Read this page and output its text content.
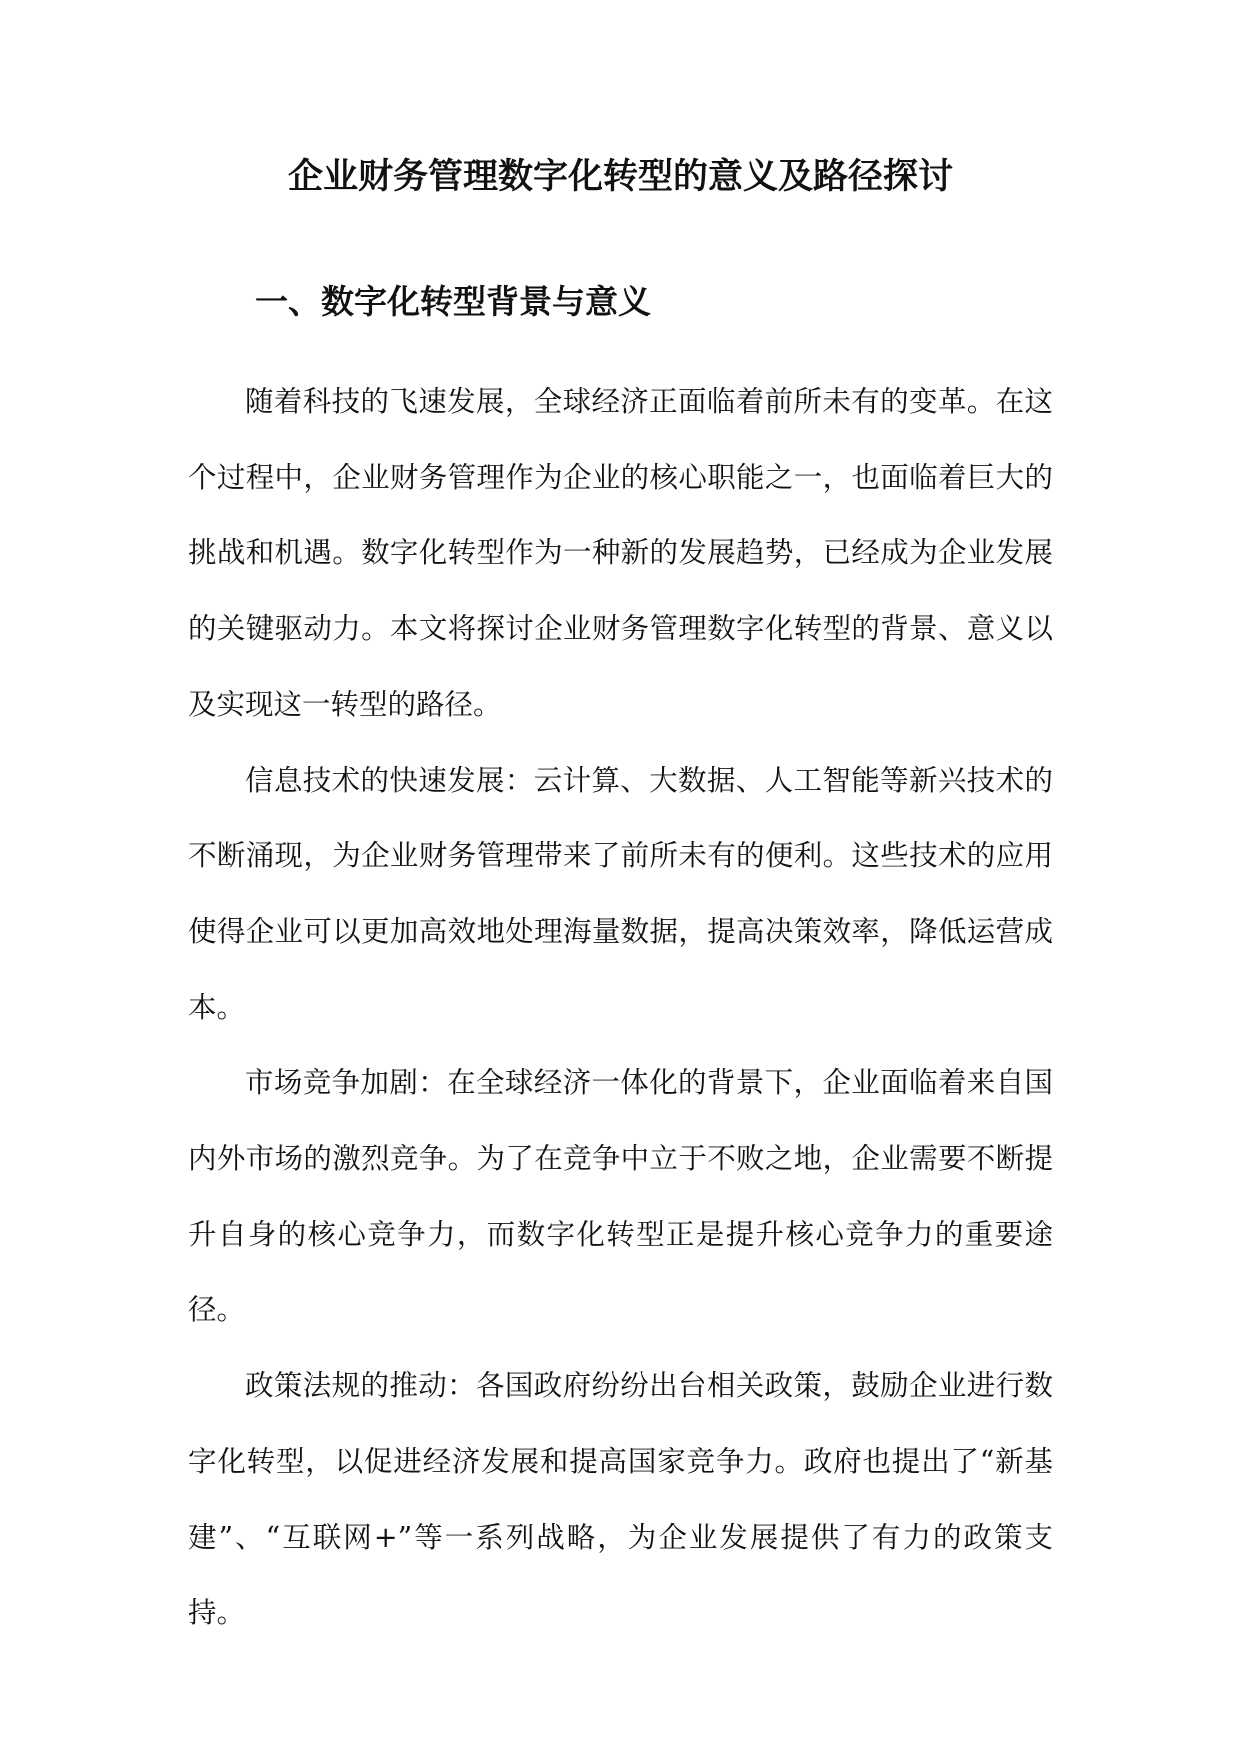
企业财务管理数字化转型的意义及路径探讨
一、数字化转型背景与意义

随着科技的飞速发展，全球经济正面临着前所未有的变革。在这个过程中，企业财务管理作为企业的核心职能之一，也面临着巨大的挑战和机遇。数字化转型作为一种新的发展趋势，已经成为企业发展的关键驱动力。本文将探讨企业财务管理数字化转型的背景、意义以及实现这一转型的路径。

信息技术的快速发展：云计算、大数据、人工智能等新兴技术的不断涌现，为企业财务管理带来了前所未有的便利。这些技术的应用使得企业可以更加高效地处理海量数据，提高决策效率，降低运营成本。

市场竞争加剧：在全球经济一体化的背景下，企业面临着来自国内外市场的激烈竞争。为了在竞争中立于不败之地，企业需要不断提升自身的核心竞争力，而数字化转型正是提升核心竞争力的重要途径。

政策法规的推动：各国政府纷纷出台相关政策，鼓励企业进行数字化转型，以促进经济发展和提高国家竞争力。政府也提出了“新基建”、“互联网+”等一系列战略，为企业发展提供了有力的政策支持。
